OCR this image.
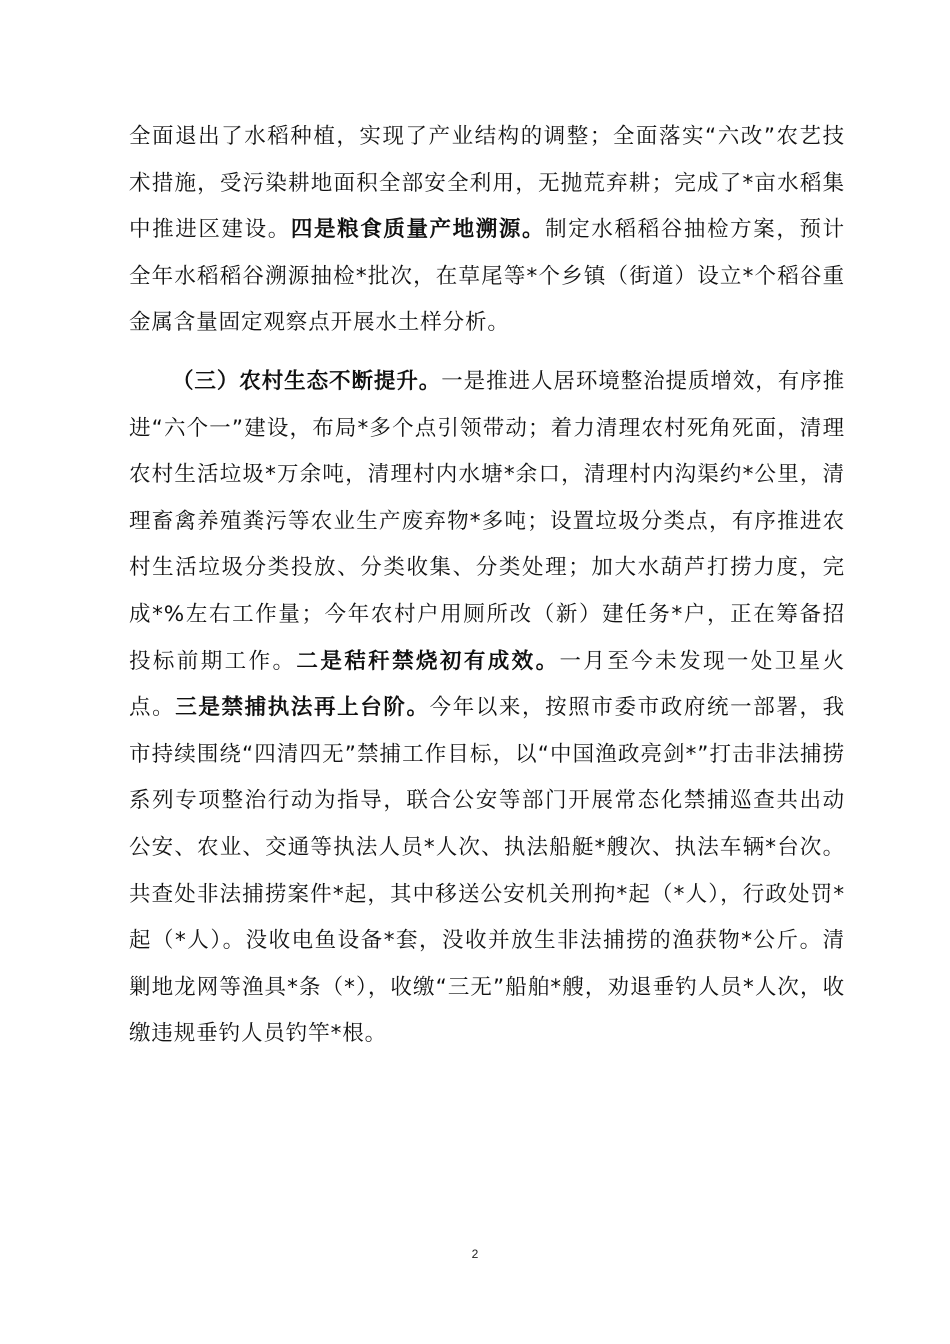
全面退出了水稻种植，实现了产业结构的调整；全面落实“六改”农艺技术措施，受污染耕地面积全部安全利用，无抛荒弃耕；完成了*亩水稻集中推进区建设。四是粮食质量产地溯源。制定水稻稻谷抽检方案，预计全年水稻稻谷溯源抽检*批次，在草尾等*个乡镇（街道）设立*个稻谷重金属含量固定观察点开展水土样分析。

（三）农村生态不断提升。一是推进人居环境整治提质增效，有序推进“六个一”建设，布局*多个点引领带动；着力清理农村死角死面，清理农村生活垃圾*万余吨，清理村内水塘*余口，清理村内沟渠约*公里，清理畜禽养殖粪污等农业生产废弃物*多吨；设置垃圾分类点，有序推进农村生活垃圾分类投放、分类收集、分类处理；加大水葫芦打捞力度，完成*%左右工作量；今年农村户用厕所改（新）建任务*户，正在筹备招投标前期工作。二是秸秆禁烧初有成效。一月至今未发现一处卫星火点。三是禁捕执法再上台阶。今年以来，按照市委市政府统一部署，我市持续围绕“四清四无”禁捕工作目标，以“中国渔政亮剑*”打击非法捕捞系列专项整治行动为指导，联合公安等部门开展常态化禁捕巡查共出动公安、农业、交通等执法人员*人次、执法船艇*艘次、执法车辆*台次。共查处非法捕捞案件*起，其中移送公安机关刑拘*起（*人），行政处罚*起（*人）。没收电鱼设备*套，没收并放生非法捕捞的渔获物*公斤。清剿地龙网等渔具*条（*），收缴“三无”船舶*艘，劝退垂钓人员*人次，收缴违规垂钓人员钓竿*根。

2
